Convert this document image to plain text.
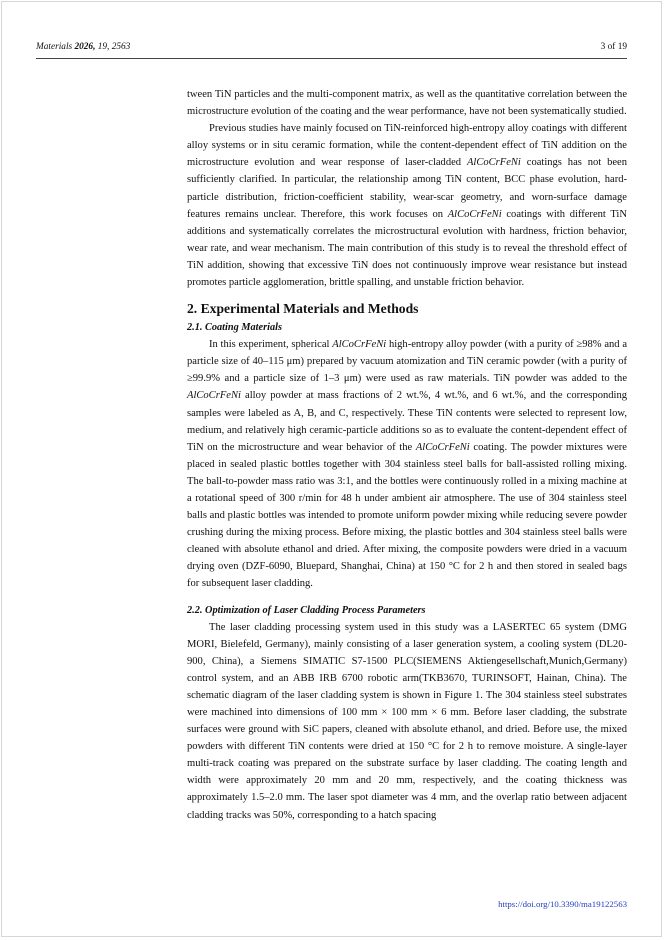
Materials 2026, 19, 2563	3 of 19

tween TiN particles and the multi-component matrix, as well as the quantitative correlation between the microstructure evolution of the coating and the wear performance, have not been systematically studied.

Previous studies have mainly focused on TiN-reinforced high-entropy alloy coatings with different alloy systems or in situ ceramic formation, while the content-dependent effect of TiN addition on the microstructure evolution and wear response of laser-cladded AlCoCrFeNi coatings has not been sufficiently clarified. In particular, the relationship among TiN content, BCC phase evolution, hard-particle distribution, friction-coefficient stability, wear-scar geometry, and worn-surface damage features remains unclear. Therefore, this work focuses on AlCoCrFeNi coatings with different TiN additions and systematically correlates the microstructural evolution with hardness, friction behavior, wear rate, and wear mechanism. The main contribution of this study is to reveal the threshold effect of TiN addition, showing that excessive TiN does not continuously improve wear resistance but instead promotes particle agglomeration, brittle spalling, and unstable friction behavior.

2. Experimental Materials and Methods
2.1. Coating Materials

In this experiment, spherical AlCoCrFeNi high-entropy alloy powder (with a purity of ≥98% and a particle size of 40–115 μm) prepared by vacuum atomization and TiN ceramic powder (with a purity of ≥99.9% and a particle size of 1–3 μm) were used as raw materials. TiN powder was added to the AlCoCrFeNi alloy powder at mass fractions of 2 wt.%, 4 wt.%, and 6 wt.%, and the corresponding samples were labeled as A, B, and C, respectively. These TiN contents were selected to represent low, medium, and relatively high ceramic-particle additions so as to evaluate the content-dependent effect of TiN on the microstructure and wear behavior of the AlCoCrFeNi coating. The powder mixtures were placed in sealed plastic bottles together with 304 stainless steel balls for ball-assisted rolling mixing. The ball-to-powder mass ratio was 3:1, and the bottles were continuously rolled in a mixing machine at a rotational speed of 300 r/min for 48 h under ambient air atmosphere. The use of 304 stainless steel balls and plastic bottles was intended to promote uniform powder mixing while reducing severe powder crushing during the mixing process. Before mixing, the plastic bottles and 304 stainless steel balls were cleaned with absolute ethanol and dried. After mixing, the composite powders were dried in a vacuum drying oven (DZF-6090, Bluepard, Shanghai, China) at 150 °C for 2 h and then stored in sealed bags for subsequent laser cladding.

2.2. Optimization of Laser Cladding Process Parameters

The laser cladding processing system used in this study was a LASERTEC 65 system (DMG MORI, Bielefeld, Germany), mainly consisting of a laser generation system, a cooling system (DL20-900, China), a Siemens SIMATIC S7-1500 PLC(SIEMENS Aktiengesellschaft,Munich,Germany) control system, and an ABB IRB 6700 robotic arm(TKB3670, TURINSOFT, Hainan, China). The schematic diagram of the laser cladding system is shown in Figure 1. The 304 stainless steel substrates were machined into dimensions of 100 mm × 100 mm × 6 mm. Before laser cladding, the substrate surfaces were ground with SiC papers, cleaned with absolute ethanol, and dried. Before use, the mixed powders with different TiN contents were dried at 150 °C for 2 h to remove moisture. A single-layer multi-track coating was prepared on the substrate surface by laser cladding. The coating length and width were approximately 20 mm and 20 mm, respectively, and the coating thickness was approximately 1.5–2.0 mm. The laser spot diameter was 4 mm, and the overlap ratio between adjacent cladding tracks was 50%, corresponding to a hatch spacing

https://doi.org/10.3390/ma19122563
